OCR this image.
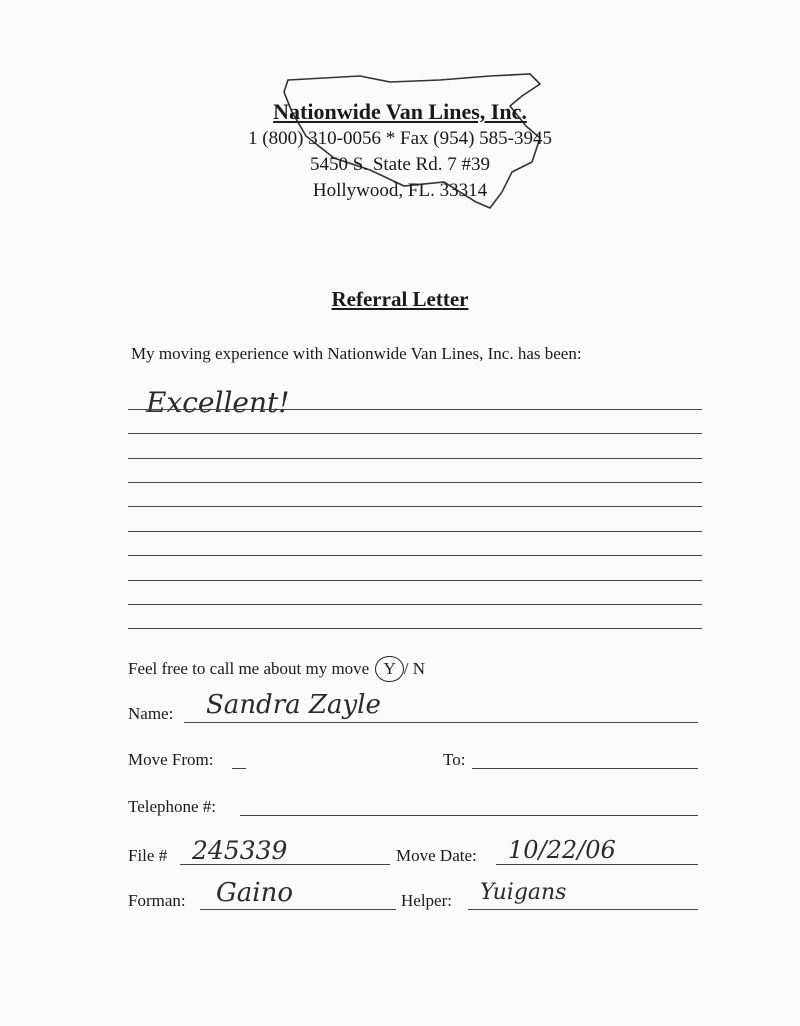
Nationwide Van Lines, Inc.
1 (800) 310-0056 * Fax (954) 585-3945
5450 S. State Rd. 7 #39
Hollywood, FL. 33314
Referral Letter
My moving experience with Nationwide Van Lines, Inc. has been:
Excellent!
Feel free to call me about my move Y / N
Name: Sandra Zayle
Move From:	To:
Telephone #:
File # 245339	Move Date: 10/22/06
Forman: Gaino	Helper: Yuigans
